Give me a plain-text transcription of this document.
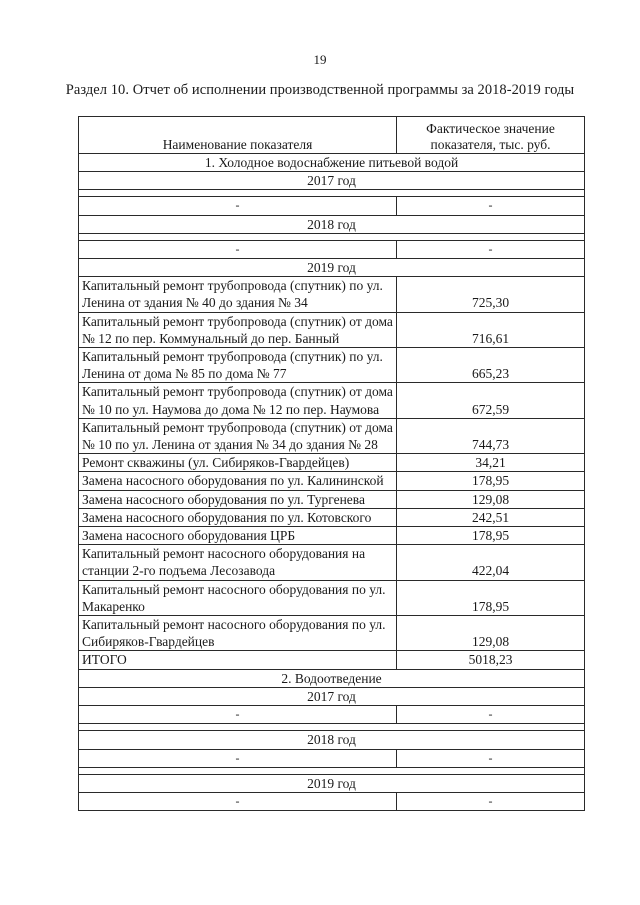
19
Раздел 10. Отчет об исполнении производственной программы за 2018-2019 годы
Наименование показателя	Фактическое значение показателя, тыс. руб.
1. Холодное водоснабжение питьевой водой	
2017 год	

-	-
2018 год	

-	-
2019 год	
Капитальный ремонт трубопровода (спутник) по ул. Ленина от здания № 40 до здания № 34	725,30
Капитальный ремонт трубопровода (спутник) от дома № 12 по пер. Коммунальный до пер. Банный	716,61
Капитальный ремонт трубопровода (спутник) по ул. Ленина от дома № 85 по дома № 77	665,23
Капитальный ремонт трубопровода (спутник) от дома № 10 по ул. Наумова до дома № 12 по пер. Наумова	672,59
Капитальный ремонт трубопровода (спутник) от дома № 10 по ул. Ленина от здания № 34 до здания № 28	744,73
Ремонт скважины (ул. Сибиряков-Гвардейцев)	34,21
Замена насосного оборудования по ул. Калининской	178,95
Замена насосного оборудования по ул. Тургенева	129,08
Замена насосного оборудования по ул. Котовского	242,51
Замена насосного оборудования ЦРБ	178,95
Капитальный ремонт насосного оборудования на станции 2-го подъема Лесозавода	422,04
Капитальный ремонт насосного оборудования по ул. Макаренко	178,95
Капитальный ремонт насосного оборудования по ул. Сибиряков-Гвардейцев	129,08
ИТОГО	5018,23
2. Водоотведение	
2017 год	
-	-

2018 год	
-	-

2019 год	
-	-
